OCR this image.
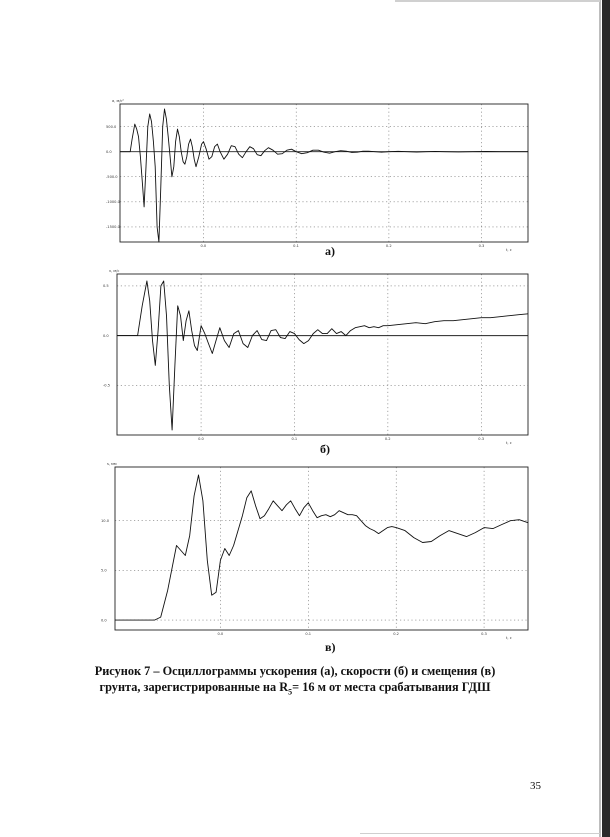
0.0	0.1	0.2	0.3
500.0
0.0
-500.0
-1000.0
-1500.0
a, м/c²
t, c
а)
0.0	0.1	0.2	0.3
0.5
0.0
-0.5
v, м/c
t, c
б)
0.0	0.1	0.2	0.3
10.0
5.0
0.0
s, мм
t, c
в)
Рисунок 7 – Осциллограммы ускорения (а), скорости (б) и смещения (в)
грунта, зарегистрированные на $R_5= 16$ м от места срабатывания ГДШ
35
